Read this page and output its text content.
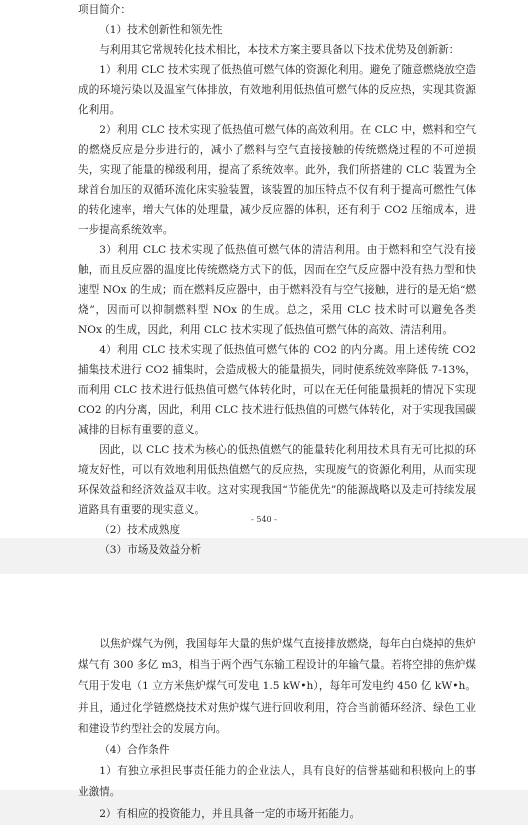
项目简介：

（1）技术创新性和领先性

与利用其它常规转化技术相比，本技术方案主要具备以下技术优势及创新新：

1）利用 CLC 技术实现了低热值可燃气体的资源化利用。避免了随意燃烧放空造成的环境污染以及温室气体排放，有效地利用低热值可燃气体的反应热，实现其资源化利用。

2）利用 CLC 技术实现了低热值可燃气体的高效利用。在 CLC 中，燃料和空气的燃烧反应是分步进行的，减小了燃料与空气直接接触的传统燃烧过程的不可逆损失，实现了能量的梯级利用，提高了系统效率。此外，我们所搭建的 CLC 装置为全球首台加压的双循环流化床实验装置，该装置的加压特点不仅有利于提高可燃性气体的转化速率，增大气体的处理量，减少反应器的体积，还有利于 CO2 压缩成本，进一步提高系统效率。

3）利用 CLC 技术实现了低热值可燃气体的清洁利用。由于燃料和空气没有接触，而且反应器的温度比传统燃烧方式下的低，因而在空气反应器中没有热力型和快速型 NOx 的生成；而在燃料反应器中，由于燃料没有与空气接触，进行的是无焰“燃烧”，因而可以抑制燃料型 NOx 的生成。总之，采用 CLC 技术时可以避免各类 NOx 的生成，因此，利用 CLC 技术实现了低热值可燃气体的高效、清洁利用。

4）利用 CLC 技术实现了低热值可燃气体的 CO2 的内分离。用上述传统 CO2 捕集技术进行 CO2 捕集时，会造成极大的能量损失，同时使系统效率降低 7-13%，而利用 CLC 技术进行低热值可燃气体转化时，可以在无任何能量损耗的情况下实现 CO2 的内分离，因此，利用 CLC 技术进行低热值的可燃气体转化，对于实现我国碳减排的目标有重要的意义。

因此，以 CLC 技术为核心的低热值燃气的能量转化利用技术具有无可比拟的环境友好性，可以有效地利用低热值燃气的反应热，实现废气的资源化利用，从而实现环保效益和经济效益双丰收。这对实现我国“节能优先”的能源战略以及走可持续发展道路具有重要的现实意义。

（2）技术成熟度

（3）市场及效益分析

- 540 -

以焦炉煤气为例，我国每年大量的焦炉煤气直接排放燃烧，每年白白烧掉的焦炉煤气有 300 多亿 m3，相当于两个西气东输工程设计的年输气量。若将空排的焦炉煤气用于发电（1 立方米焦炉煤气可发电 1.5 kW•h），每年可发电约 450 亿 kW•h。并且，通过化学链燃烧技术对焦炉煤气进行回收利用，符合当前循环经济、绿色工业和建设节约型社会的发展方向。

（4）合作条件

1）有独立承担民事责任能力的企业法人，具有良好的信誉基础和积极向上的事业激情。

2）有相应的投资能力，并且具备一定的市场开拓能力。
